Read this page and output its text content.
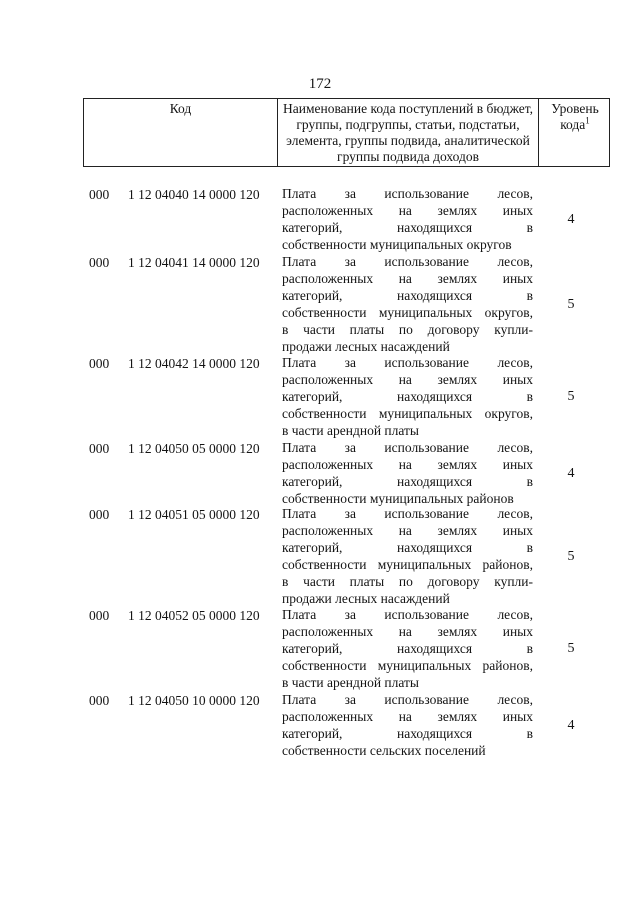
172
Код	Наименование кода поступлений в бюджет, группы, подгруппы, статьи, подстатьи, элемента, группы подвида, аналитической группы подвида доходов
Уровень кода$^1$
000 1 12 04040 14 0000 120 Плата за использование лесов,
расположенных на землях иных
категорий, находящихся в
собственности муниципальных округов
4
000 1 12 04041 14 0000 120 Плата за использование лесов,
расположенных на землях иных
категорий, находящихся в
собственности муниципальных округов,
в части платы по договору купли-
продажи лесных насаждений
5
000 1 12 04042 14 0000 120 Плата за использование лесов,
расположенных на землях иных
категорий, находящихся в
собственности муниципальных округов,
в части арендной платы
5
000 1 12 04050 05 0000 120 Плата за использование лесов,
расположенных на землях иных
категорий, находящихся в
собственности муниципальных районов
4
000 1 12 04051 05 0000 120 Плата за использование лесов,
расположенных на землях иных
категорий, находящихся в
собственности муниципальных районов,
в части платы по договору купли-
продажи лесных насаждений
5
000 1 12 04052 05 0000 120 Плата за использование лесов,
расположенных на землях иных
категорий, находящихся в
собственности муниципальных районов,
в части арендной платы
5
000 1 12 04050 10 0000 120 Плата за использование лесов,
расположенных на землях иных
категорий, находящихся в
собственности сельских поселений
4
